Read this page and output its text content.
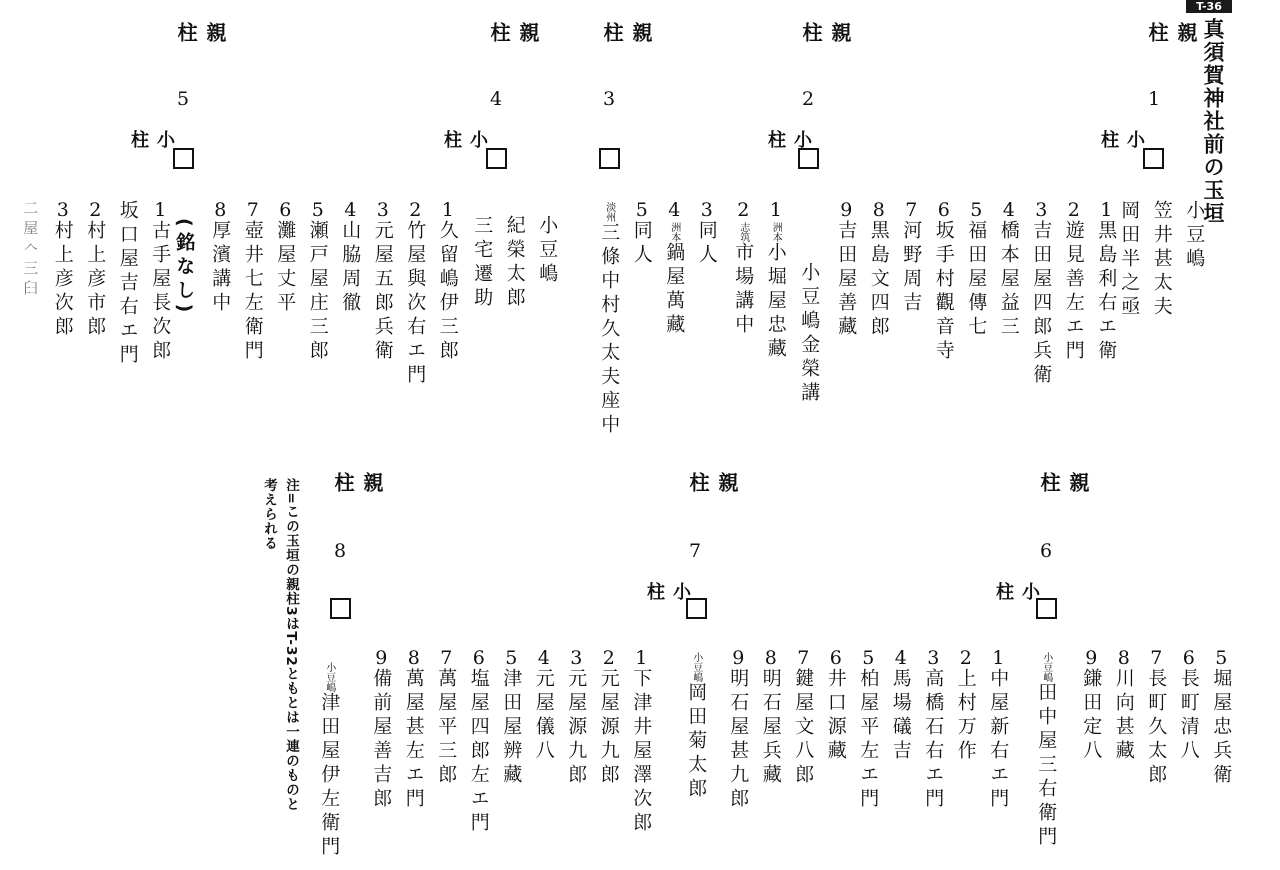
T-36
真須賀神社前の玉垣
親柱
1
小柱
小豆嶋
笠井甚太夫
岡田半之亟
1
黒島利右エ衛
2
遊見善左エ門
3
吉田屋四郎兵衛
4
橋本屋益三
5
福田屋傳七
6
坂手村觀音寺
7
河野周吉
8
黒島文四郎
9
吉田屋善藏
親柱
2
小柱
小豆嶋金榮講
1
洲本
小堀屋忠藏
2
志筑
市場講中
親柱
3
3
同人
4
洲本
鍋屋萬藏
5
同人
淡州
三條中村久太夫座中
親柱
4
小柱
小豆嶋
紀榮太郎
三宅遷助
1
久留嶋伊三郎
2
竹屋與次右エ門
3
元屋五郎兵衛
4
山脇周徹
5
瀬戸屋庄三郎
6
灘屋丈平
7
壺井七左衛門
8
厚濱講中
親柱
5
小柱
(銘なし)
1
古手屋長次郎
坂口屋吉右エ門
2
村上彦市郎
3
村上彦次郎
二屋𠆢三𦥑
親柱
6
小柱
5
堀屋忠兵衛
6
長町清八
7
長町久太郎
8
川向甚藏
9
鎌田定八
小豆嶋
田中屋三右衛門
1
中屋新右エ門
2
上村万作
3
高橋石右エ門
4
馬場礒吉
5
柏屋平左エ門
6
井口源藏
7
鍵屋文八郎
8
明石屋兵藏
9
明石屋甚九郎
親柱
7
小柱
小豆嶋
岡田菊太郎
1
下津井屋澤次郎
2
元屋源九郎
3
元屋源九郎
4
元屋儀八
5
津田屋辨藏
6
塩屋四郎左エ門
7
萬屋平三郎
8
萬屋甚左エ門
9
備前屋善吉郎
親柱
8
小豆嶋
津田屋伊左衛門
注=この玉垣の親柱3はT-32ともとは一連のものと
考えられる
